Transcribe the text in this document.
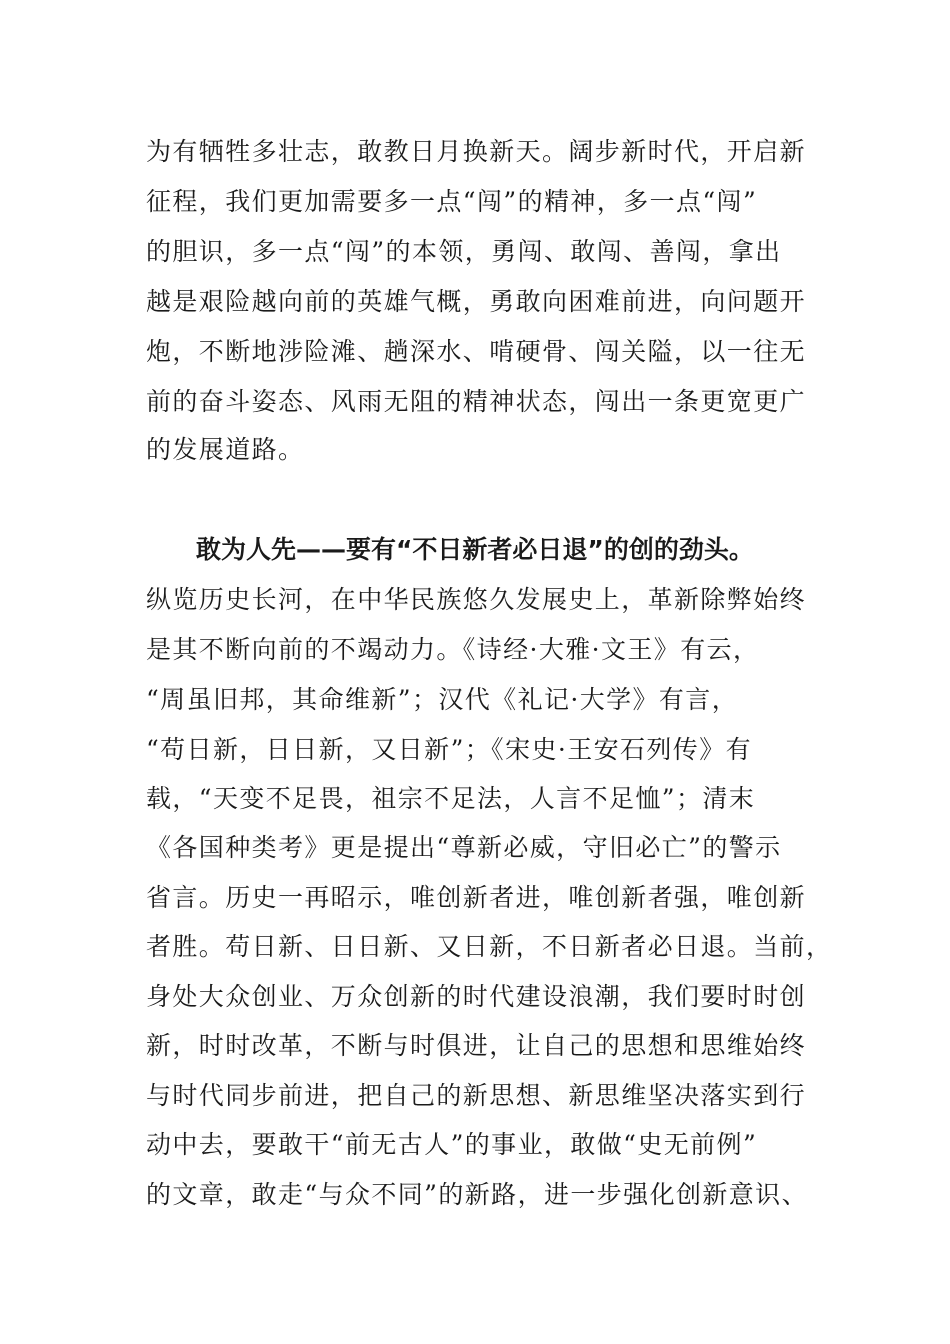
为有牺牲多壮志，敢教日月换新天。阔步新时代，开启新
征程，我们更加需要多一点“闯”的精神，多一点“闯”
的胆识，多一点“闯”的本领，勇闯、敢闯、善闯，拿出
越是艰险越向前的英雄气概，勇敢向困难前进，向问题开
炮，不断地涉险滩、趟深水、啃硬骨、闯关隘，以一往无
前的奋斗姿态、风雨无阻的精神状态，闯出一条更宽更广
的发展道路。
敢为人先——要有“不日新者必日退”的创的劲头。
纵览历史长河，在中华民族悠久发展史上，革新除弊始终
是其不断向前的不竭动力。《诗经·大雅·文王》有云，
“周虽旧邦，其命维新”；汉代《礼记·大学》有言，
“苟日新，日日新，又日新”；《宋史·王安石列传》有
载，“天变不足畏，祖宗不足法，人言不足恤”；清末
《各国种类考》更是提出“尊新必威，守旧必亡”的警示
省言。历史一再昭示，唯创新者进，唯创新者强，唯创新
者胜。苟日新、日日新、又日新，不日新者必日退。当前，
身处大众创业、万众创新的时代建设浪潮，我们要时时创
新，时时改革，不断与时俱进，让自己的思想和思维始终
与时代同步前进，把自己的新思想、新思维坚决落实到行
动中去，要敢干“前无古人”的事业，敢做“史无前例”
的文章，敢走“与众不同”的新路，进一步强化创新意识、
